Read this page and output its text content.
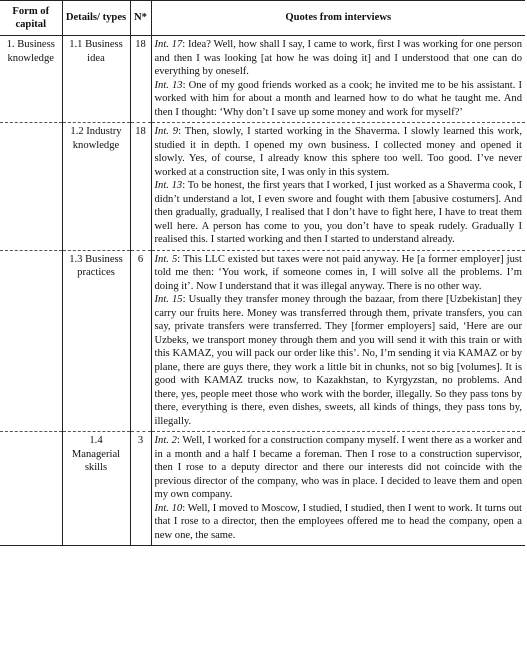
Form of capital	Details/ types	N*	Quotes from interviews
1. Business knowledge	1.1 Business idea	18	Int. 17: Idea? Well, how shall I say, I came to work, first I was working for one person and then I was looking [at how he was doing it] and I understood that one can do everything by oneself.

Int. 13: One of my good friends worked as a cook; he invited me to be his assistant. I worked with him for about a month and learned how to do what he taught me. And then I thought: ‘Why don’t I save up some money and work for myself?’

	1.2 Industry knowledge	18	Int. 9: Then, slowly, I started working in the Shaverma. I slowly learned this work, studied it in depth. I opened my own business. I collected money and opened it slowly. Yes, of course, I already know this sphere too well. Too good. I’ve never worked at a construction site, I was only in this system.

Int. 13: To be honest, the first years that I worked, I just worked as a Shaverma cook, I didn’t understand a lot, I even swore and fought with them [abusive costumers]. And then gradually, gradually, I realised that I don’t have to fight here, I have to treat them well here. A person has come to you, you don’t have to speak rudely. Gradually I realised this. I started working and then I started to understand already.

	1.3 Business practices	6	Int. 5: This LLC existed but taxes were not paid anyway. He [a former employer] just told me then: ‘You work, if someone comes in, I will solve all the problems. I’m doing it’. Now I understand that it was illegal anyway. There is no other way.

Int. 15: Usually they transfer money through the bazaar, from there [Uzbekistan] they carry our fruits here. Money was transferred through them, private transfers, you can say, private transfers were transferred. They [former employers] said, ‘Here are our Uzbeks, we transport money through them and you will send it with this train or with this KAMAZ, you will pack our order like this’. No, I’m sending it via KAMAZ or by plane, there are guys there, they work a little bit in chunks, not so big [volumes]. It is good with KAMAZ trucks now, to Kazakhstan, to Kyrgyzstan, no problems. And there, yes, people meet those who work with the border, illegally. So they pass tons by there, everything is there, even dishes, sweets, all kinds of things, they pass tons by, illegally.

	1.4 Managerial skills	3	Int. 2: Well, I worked for a construction company myself. I went there as a worker and in a month and a half I became a foreman. Then I rose to a construction supervisor, then I rose to a deputy director and there our interests did not coincide with the previous director of the company, who was in place. I decided to leave them and open my own company.

Int. 10: Well, I moved to Moscow, I studied, I studied, then I went to work. It turns out that I rose to a director, then the employees offered me to head the company, open a new one, the same.
